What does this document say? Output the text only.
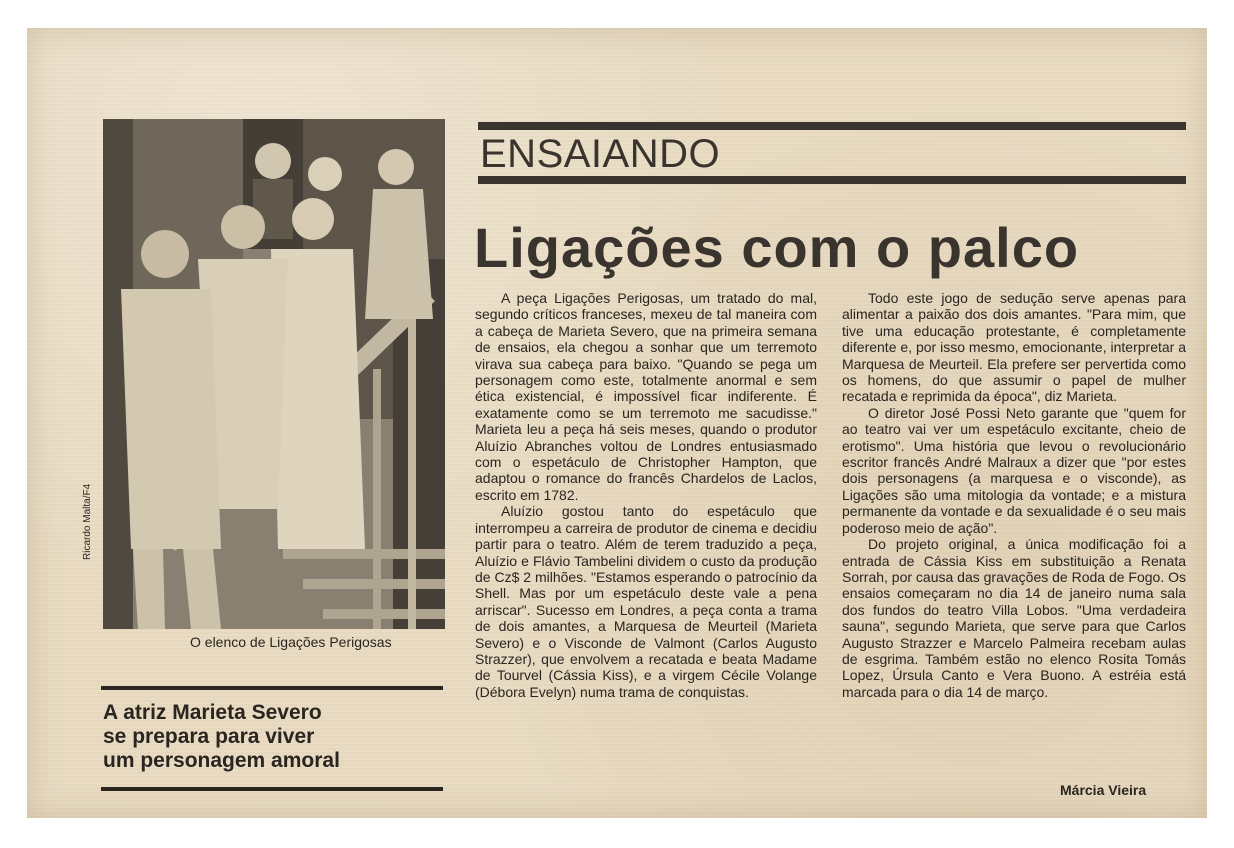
Ricardo Malta/F4
O elenco de Ligações Perigosas
A atriz Marieta Severo
se prepara para viver
um personagem amoral
ENSAIANDO
Ligações com o palco

A peça Ligações Perigosas, um tratado do mal, segundo críticos franceses, mexeu de tal maneira com a cabeça de Marieta Severo, que na primeira semana de ensaios, ela chegou a sonhar que um terremoto virava sua cabeça para baixo. "Quando se pega um personagem como este, totalmente anormal e sem ética existencial, é impossível ficar indiferente. É exatamente como se um terremoto me sacudisse." Marieta leu a peça há seis meses, quando o produtor Aluízio Abranches voltou de Londres entusiasmado com o espetáculo de Christopher Hampton, que adaptou o romance do francês Chardelos de Laclos, escrito em 1782.

Aluízio gostou tanto do espetáculo que interrompeu a carreira de produtor de cinema e decidiu partir para o teatro. Além de terem traduzido a peça, Aluízio e Flávio Tambelini dividem o custo da produção de Cz$ 2 milhões. "Estamos esperando o patrocínio da Shell. Mas por um espetáculo deste vale a pena arriscar". Sucesso em Londres, a peça conta a trama de dois amantes, a Marquesa de Meurteil (Marieta Severo) e o Visconde de Valmont (Carlos Augusto Strazzer), que envolvem a recatada e beata Madame de Tourvel (Cássia Kiss), e a virgem Cécile Volange (Débora Evelyn) numa trama de conquistas.

Todo este jogo de sedução serve apenas para alimentar a paixão dos dois amantes. "Para mim, que tive uma educação protestante, é completamente diferente e, por isso mesmo, emocionante, interpretar a Marquesa de Meurteil. Ela prefere ser pervertida como os homens, do que assumir o papel de mulher recatada e reprimida da época", diz Marieta.

O diretor José Possi Neto garante que "quem for ao teatro vai ver um espetáculo excitante, cheio de erotismo". Uma história que levou o revolucionário escritor francês André Malraux a dizer que "por estes dois personagens (a marquesa e o visconde), as Ligações são uma mitologia da vontade; e a mistura permanente da vontade e da sexualidade é o seu mais poderoso meio de ação".

Do projeto original, a única modificação foi a entrada de Cássia Kiss em substituição a Renata Sorrah, por causa das gravações de Roda de Fogo. Os ensaios começaram no dia 14 de janeiro numa sala dos fundos do teatro Villa Lobos. "Uma verdadeira sauna", segundo Marieta, que serve para que Carlos Augusto Strazzer e Marcelo Palmeira recebam aulas de esgrima. Também estão no elenco Rosita Tomás Lopez, Úrsula Canto e Vera Buono. A estréia está marcada para o dia 14 de março.

Márcia Vieira
